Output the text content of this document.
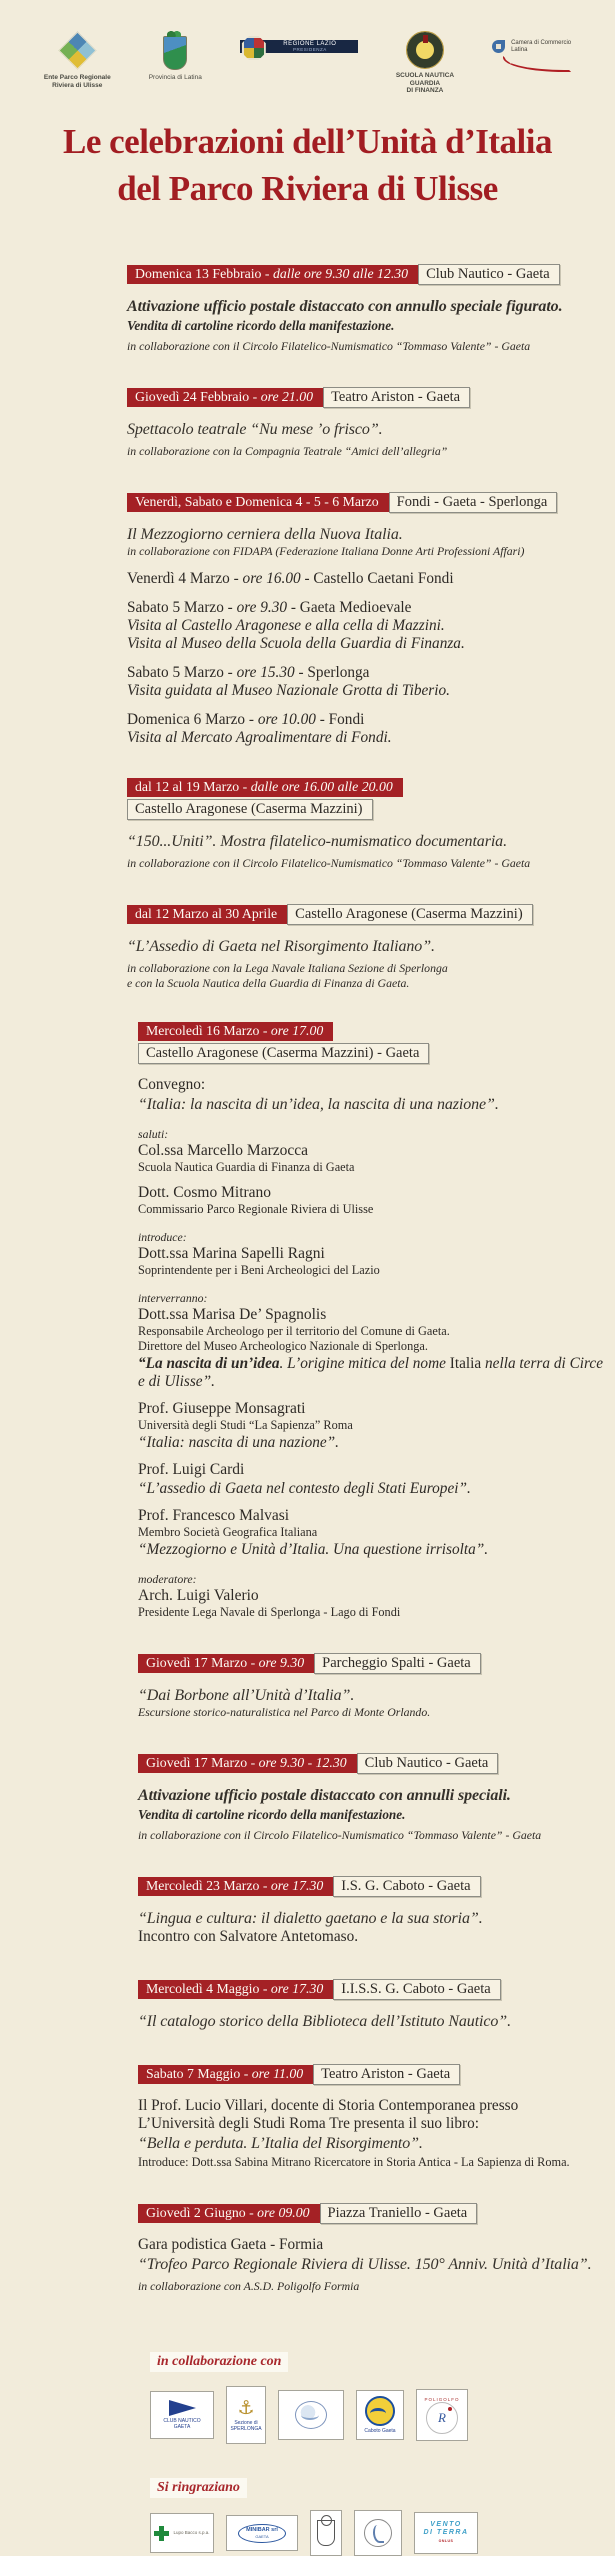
Ente Parco Regionale
Riviera di Ulisse
Provincia di Latina
REGIONE LAZIO
PRESIDENZA
SCUOLA NAUTICA
GUARDIA
DI FINANZA
Camera di Commercio
Latina
Le celebrazioni dell’Unità d’Italia
del Parco Riviera di Ulisse
Domenica 13 Febbraio - dalle ore 9.30 alle 12.30	Club Nautico - Gaeta
Attivazione ufficio postale distaccato con annullo speciale figurato.
Vendita di cartoline ricordo della manifestazione.
in collaborazione con il Circolo Filatelico-Numismatico “Tommaso Valente” - Gaeta
Giovedì 24 Febbraio - ore 21.00	Teatro Ariston - Gaeta
Spettacolo teatrale “Nu mese ’o frisco”.
in collaborazione con la Compagnia Teatrale “Amici dell’allegria”
Venerdì, Sabato e Domenica 4 - 5 - 6 Marzo	Fondi - Gaeta - Sperlonga
Il Mezzogiorno cerniera della Nuova Italia.
in collaborazione con FIDAPA (Federazione Italiana Donne Arti Professioni Affari)
Venerdì 4 Marzo - ore 16.00 - Castello Caetani Fondi
Sabato 5 Marzo - ore 9.30 - Gaeta Medioevale
Visita al Castello Aragonese e alla cella di Mazzini.
Visita al Museo della Scuola della Guardia di Finanza.
Sabato 5 Marzo - ore 15.30 - Sperlonga
Visita guidata al Museo Nazionale Grotta di Tiberio.
Domenica 6 Marzo - ore 10.00 - Fondi
Visita al Mercato Agroalimentare di Fondi.
dal 12 al 19 Marzo - dalle ore 16.00 alle 20.00
Castello Aragonese (Caserma Mazzini)
“150...Uniti”. Mostra filatelico-numismatico documentaria.
in collaborazione con il Circolo Filatelico-Numismatico “Tommaso Valente” - Gaeta
dal 12 Marzo al 30 Aprile	Castello Aragonese (Caserma Mazzini)
“L’Assedio di Gaeta nel Risorgimento Italiano”.
in collaborazione con la Lega Navale Italiana Sezione di Sperlonga
e con la Scuola Nautica della Guardia di Finanza di Gaeta.
Mercoledì 16 Marzo - ore 17.00
Castello Aragonese (Caserma Mazzini) - Gaeta
Convegno:
“Italia: la nascita di un’idea, la nascita di una nazione”.
saluti:
Col.ssa Marcello Marzocca
Scuola Nautica Guardia di Finanza di Gaeta
Dott. Cosmo Mitrano
Commissario Parco Regionale Riviera di Ulisse
introduce:
Dott.ssa Marina Sapelli Ragni
Soprintendente per i Beni Archeologici del Lazio
interverranno:
Dott.ssa Marisa De’ Spagnolis
Responsabile Archeologo per il territorio del Comune di Gaeta.
Direttore del Museo Archeologico Nazionale di Sperlonga.
“La nascita di un’idea. L’origine mitica del nome Italia nella terra di Circe e di Ulisse”.
Prof. Giuseppe Monsagrati
Università degli Studi “La Sapienza” Roma
“Italia: nascita di una nazione”.
Prof. Luigi Cardi
“L’assedio di Gaeta nel contesto degli Stati Europei”.
Prof. Francesco Malvasi
Membro Società Geografica Italiana
“Mezzogiorno e Unità d’Italia. Una questione irrisolta”.
moderatore:
Arch. Luigi Valerio
Presidente Lega Navale di Sperlonga - Lago di Fondi
Giovedì 17 Marzo - ore 9.30	Parcheggio Spalti - Gaeta
“Dai Borbone all’Unità d’Italia”.
Escursione storico-naturalistica nel Parco di Monte Orlando.
Giovedì 17 Marzo - ore 9.30 - 12.30	Club Nautico - Gaeta
Attivazione ufficio postale distaccato con annulli speciali.
Vendita di cartoline ricordo della manifestazione.
in collaborazione con il Circolo Filatelico-Numismatico “Tommaso Valente” - Gaeta
Mercoledì 23 Marzo - ore 17.30	I.S. G. Caboto - Gaeta
“Lingua e cultura: il dialetto gaetano e la sua storia”.
Incontro con Salvatore Antetomaso.
Mercoledì 4 Maggio - ore 17.30	I.I.S.S. G. Caboto - Gaeta
“Il catalogo storico della Biblioteca dell’Istituto Nautico”.
Sabato 7 Maggio - ore 11.00	Teatro Ariston - Gaeta
Il Prof. Lucio Villari, docente di Storia Contemporanea presso
L’Università degli Studi Roma Tre presenta il suo libro:
“Bella e perduta. L’Italia del Risorgimento”.
Introduce: Dott.ssa Sabina Mitrano Ricercatore in Storia Antica - La Sapienza di Roma.
Giovedì 2 Giugno - ore 09.00	Piazza Traniello - Gaeta
Gara podistica Gaeta - Formia
“Trofeo Parco Regionale Riviera di Ulisse. 150° Anniv. Unità d’Italia”.
in collaborazione con A.S.D. Poligolfo Formia
in collaborazione con
CLUB NAUTICO
GAETA
⚓
Sezione di
SPERLONGA	Caboto Gaeta
POLIGOLFO
R
Si ringraziano
Lupo Bacco s.p.a.	MINIBAR srl
GAETA
VENTO
DI TERRA
ONLUS
